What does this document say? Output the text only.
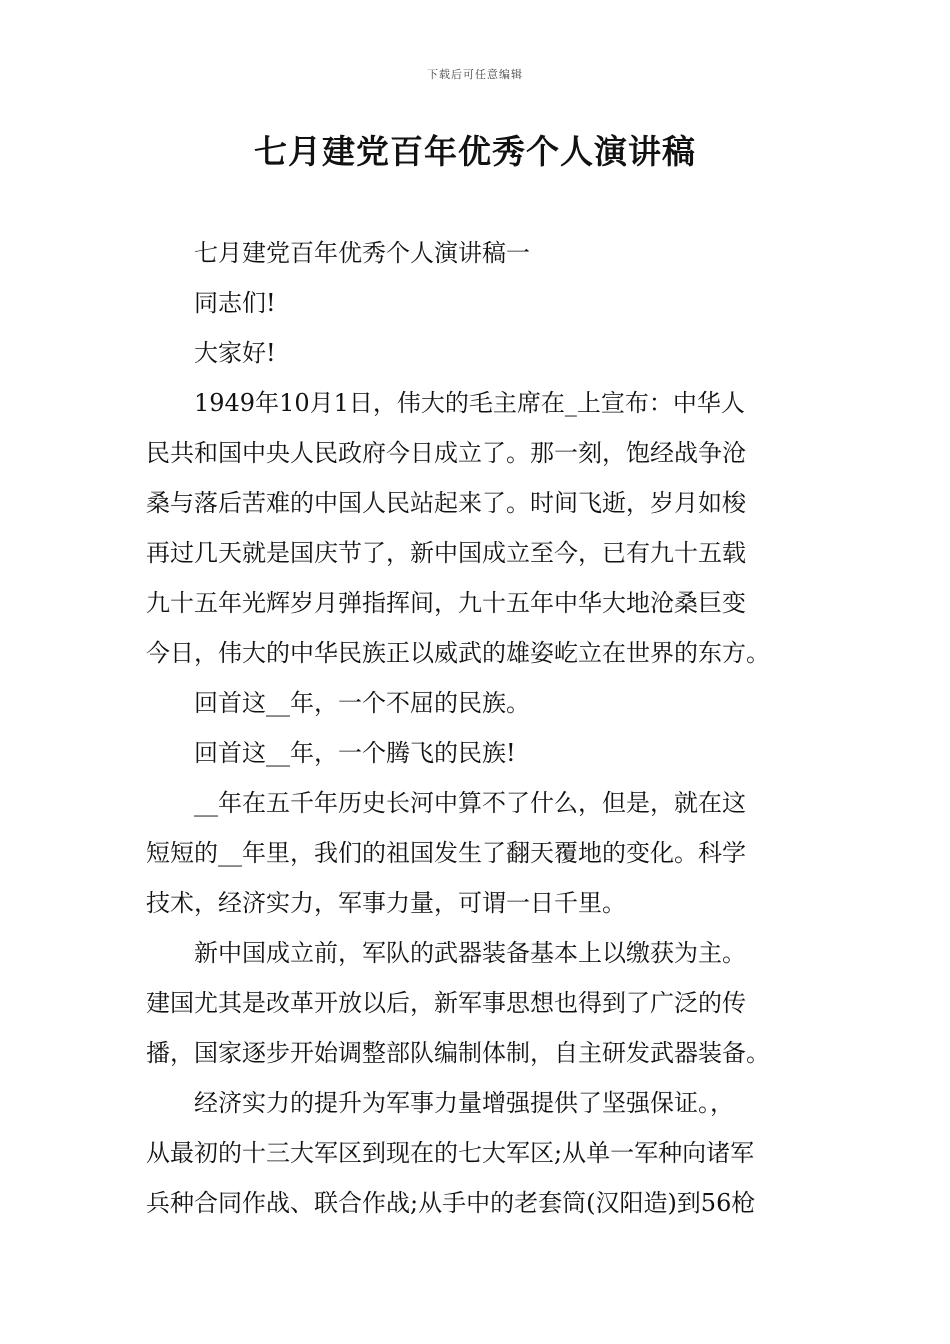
下载后可任意编辑
七月建党百年优秀个人演讲稿
七月建党百年优秀个人演讲稿一
同志们!
大家好!
1949年10月1日，伟大的毛主席在_上宣布：中华人
民共和国中央人民政府今日成立了。那一刻，饱经战争沧
桑与落后苦难的中国人民站起来了。时间飞逝，岁月如梭
再过几天就是国庆节了，新中国成立至今，已有九十五载
九十五年光辉岁月弹指挥间，九十五年中华大地沧桑巨变
今日，伟大的中华民族正以威武的雄姿屹立在世界的东方。
回首这__年，一个不屈的民族。
回首这__年，一个腾飞的民族!
__年在五千年历史长河中算不了什么，但是，就在这
短短的__年里，我们的祖国发生了翻天覆地的变化。科学
技术，经济实力，军事力量，可谓一日千里。
新中国成立前，军队的武器装备基本上以缴获为主。
建国尤其是改革开放以后，新军事思想也得到了广泛的传
播，国家逐步开始调整部队编制体制，自主研发武器装备。
经济实力的提升为军事力量增强提供了坚强保证。，
从最初的十三大军区到现在的七大军区;从单一军种向诸军
兵种合同作战、联合作战;从手中的老套筒(汉阳造)到56枪
